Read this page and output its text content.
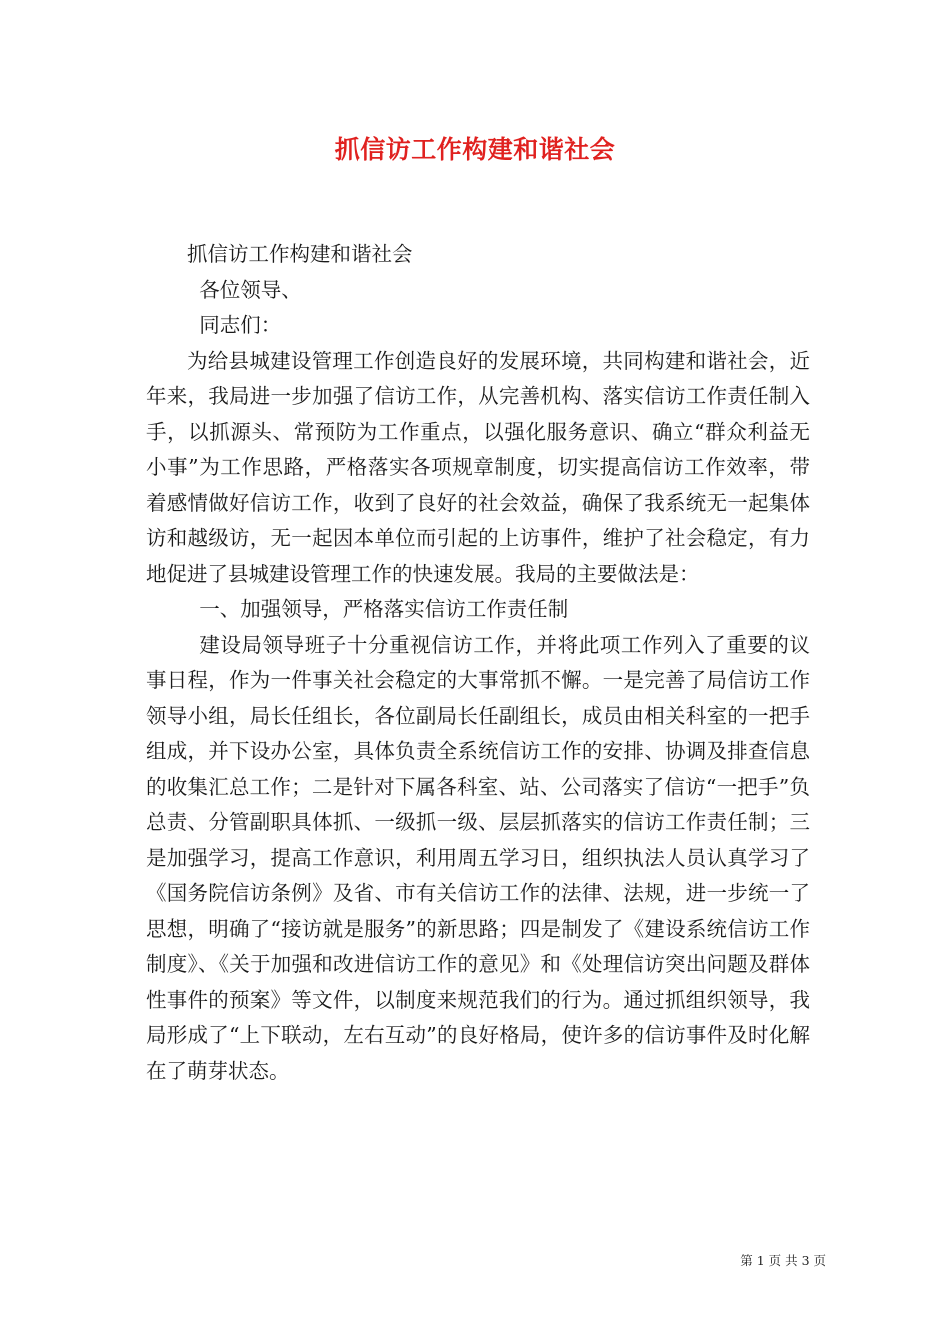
抓信访工作构建和谐社会

抓信访工作构建和谐社会

各位领导、

同志们：

为给县城建设管理工作创造良好的发展环境，共同构建和谐社会，近年来，我局进一步加强了信访工作，从完善机构、落实信访工作责任制入手，以抓源头、常预防为工作重点，以强化服务意识、确立“群众利益无小事”为工作思路，严格落实各项规章制度，切实提高信访工作效率，带着感情做好信访工作，收到了良好的社会效益，确保了我系统无一起集体访和越级访，无一起因本单位而引起的上访事件，维护了社会稳定，有力地促进了县城建设管理工作的快速发展。我局的主要做法是：

一、加强领导，严格落实信访工作责任制

建设局领导班子十分重视信访工作，并将此项工作列入了重要的议事日程，作为一件事关社会稳定的大事常抓不懈。一是完善了局信访工作领导小组，局长任组长，各位副局长任副组长，成员由相关科室的一把手组成，并下设办公室，具体负责全系统信访工作的安排、协调及排查信息的收集汇总工作；二是针对下属各科室、站、公司落实了信访“一把手”负总责、分管副职具体抓、一级抓一级、层层抓落实的信访工作责任制；三是加强学习，提高工作意识，利用周五学习日，组织执法人员认真学习了《国务院信访条例》及省、市有关信访工作的法律、法规，进一步统一了思想，明确了“接访就是服务”的新思路；四是制发了《建设系统信访工作制度》、《关于加强和改进信访工作的意见》和《处理信访突出问题及群体性事件的预案》等文件，以制度来规范我们的行为。通过抓组织领导，我局形成了“上下联动，左右互动”的良好格局，使许多的信访事件及时化解在了萌芽状态。

第 1 页 共 3 页
